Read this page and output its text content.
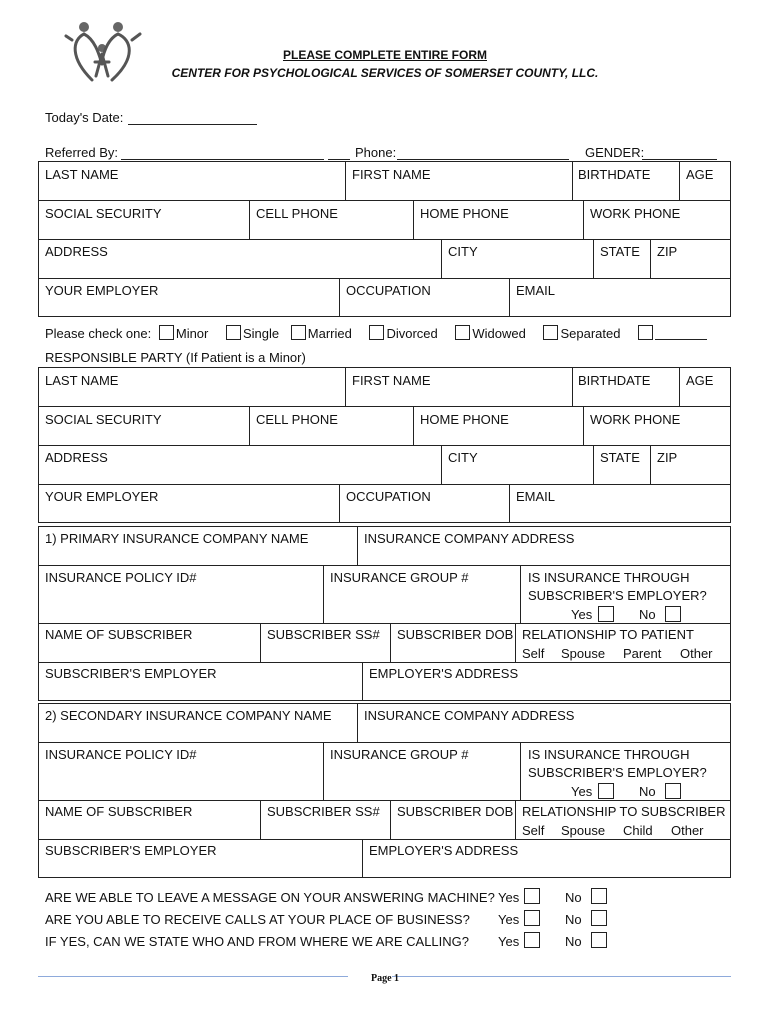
PLEASE COMPLETE ENTIRE FORM
CENTER FOR PSYCHOLOGICAL SERVICES OF SOMERSET COUNTY, LLC.
Today's Date:
Referred By:	Phone:	GENDER:
LAST NAME	FIRST NAME	BIRTHDATE	AGE
SOCIAL SECURITY	CELL PHONE	HOME PHONE	WORK PHONE
ADDRESS	CITY	STATE ZIP
YOUR EMPLOYER	OCCUPATION	EMAIL
Please check one: Minor	Single Married	Divorced	Widowed	Separated
RESPONSIBLE PARTY (If Patient is a Minor)
LAST NAME	FIRST NAME	BIRTHDATE	AGE
SOCIAL SECURITY	CELL PHONE	HOME PHONE	WORK PHONE
ADDRESS	CITY	STATE ZIP
YOUR EMPLOYER	OCCUPATION	EMAIL
1) PRIMARY INSURANCE COMPANY NAME	INSURANCE COMPANY ADDRESS
INSURANCE POLICY ID#	INSURANCE GROUP #	IS INSURANCE THROUGH
SUBSCRIBER'S EMPLOYER?
Yes	No
NAME OF SUBSCRIBER	SUBSCRIBER SS# SUBSCRIBER DOB RELATIONSHIP TO PATIENT
Self Spouse Parent Other
SUBSCRIBER'S EMPLOYER	EMPLOYER'S ADDRESS
2) SECONDARY INSURANCE COMPANY NAME INSURANCE COMPANY ADDRESS
INSURANCE POLICY ID#	INSURANCE GROUP #	IS INSURANCE THROUGH
SUBSCRIBER'S EMPLOYER?
Yes	No
NAME OF SUBSCRIBER	SUBSCRIBER SS# SUBSCRIBER DOB RELATIONSHIP TO SUBSCRIBER
Self Spouse Child Other
SUBSCRIBER'S EMPLOYER	EMPLOYER'S ADDRESS
ARE WE ABLE TO LEAVE A MESSAGE ON YOUR ANSWERING MACHINE? Yes	No
ARE YOU ABLE TO RECEIVE CALLS AT YOUR PLACE OF BUSINESS? Yes	No
IF YES, CAN WE STATE WHO AND FROM WHERE WE ARE CALLING? Yes	No
Page 1
